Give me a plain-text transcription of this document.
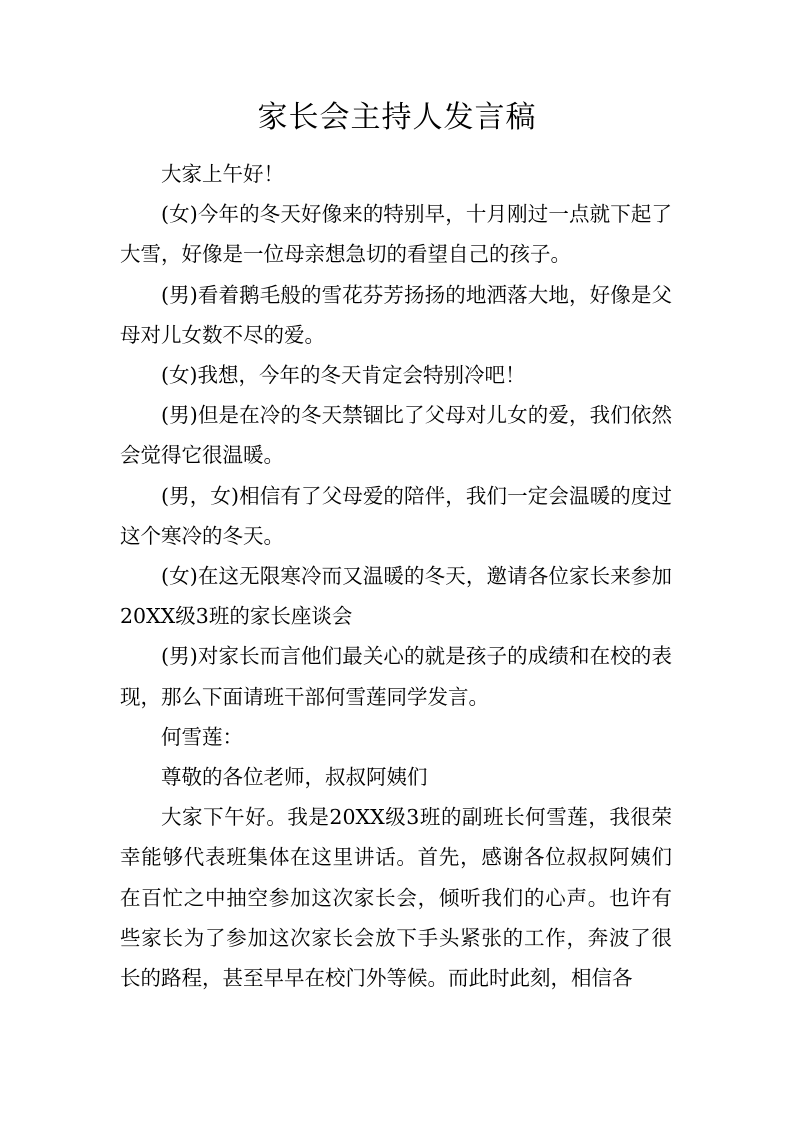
家长会主持人发言稿

大家上午好！

(女)今年的冬天好像来的特别早，十月刚过一点就下起了大雪，好像是一位母亲想急切的看望自己的孩子。

(男)看着鹅毛般的雪花芬芳扬扬的地洒落大地，好像是父母对儿女数不尽的爱。

(女)我想，今年的冬天肯定会特别冷吧！

(男)但是在冷的冬天禁锢比了父母对儿女的爱，我们依然会觉得它很温暖。

(男，女)相信有了父母爱的陪伴，我们一定会温暖的度过这个寒冷的冬天。

(女)在这无限寒冷而又温暖的冬天，邀请各位家长来参加20XX级3班的家长座谈会

(男)对家长而言他们最关心的就是孩子的成绩和在校的表现，那么下面请班干部何雪莲同学发言。

何雪莲：

尊敬的各位老师，叔叔阿姨们

大家下午好。我是20XX级3班的副班长何雪莲，我很荣幸能够代表班集体在这里讲话。首先，感谢各位叔叔阿姨们在百忙之中抽空参加这次家长会，倾听我们的心声。也许有些家长为了参加这次家长会放下手头紧张的工作，奔波了很长的路程，甚至早早在校门外等候。而此时此刻，相信各
